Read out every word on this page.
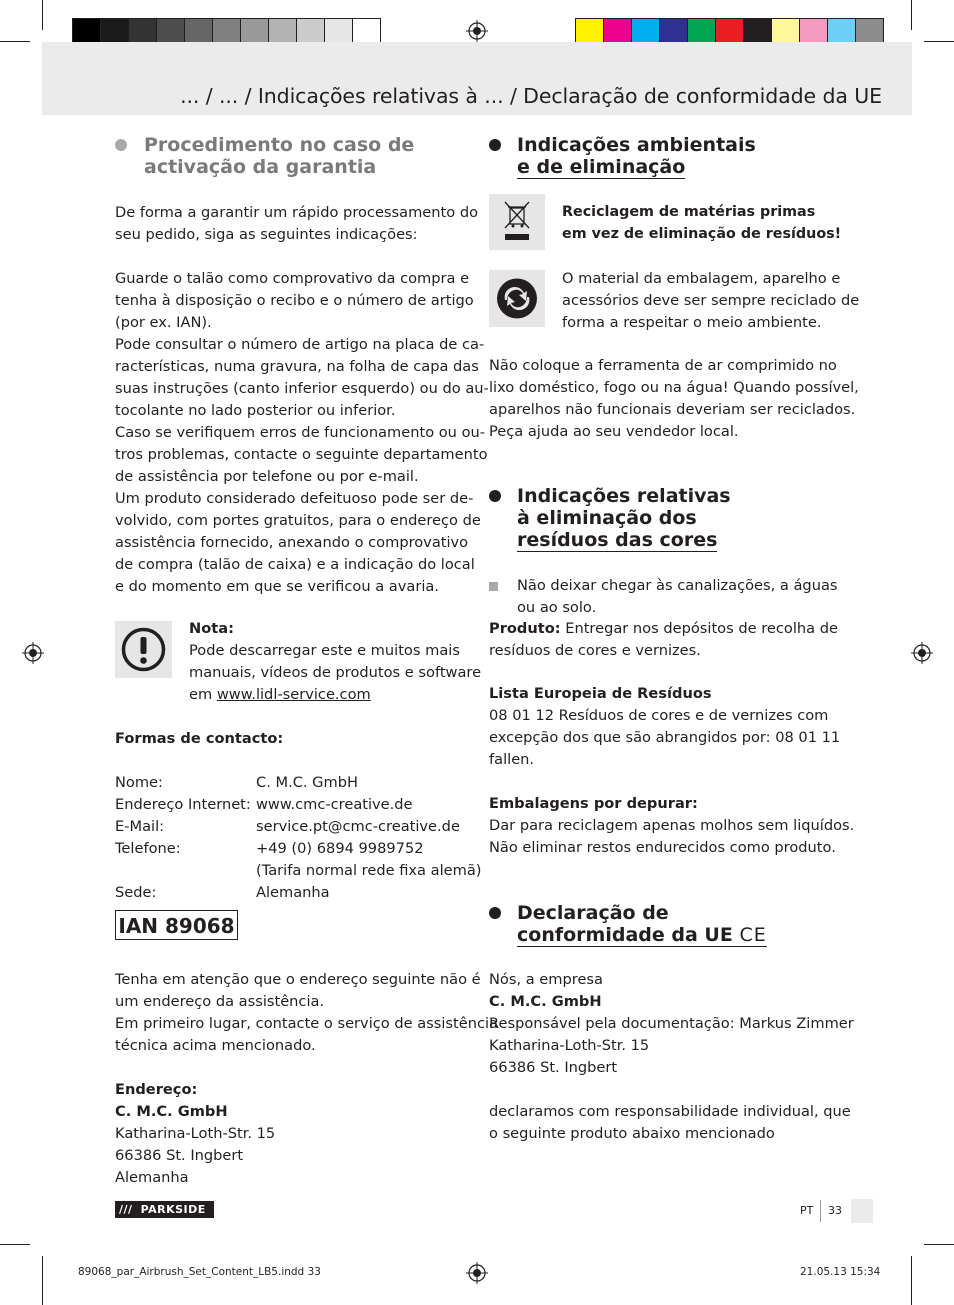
... / ... / Indicações relativas à ... / Declaração de conformidade da UE
Procedimento no caso de
activação da garantia
De forma a garantir um rápido processamento do
seu pedido, siga as seguintes indicações:
Guarde o talão como comprovativo da compra e
tenha à disposição o recibo e o número de artigo
(por ex. IAN).
Pode consultar o número de artigo na placa de ca-
racterísticas, numa gravura, na folha de capa das
suas instruções (canto inferior esquerdo) ou do au-
tocolante no lado posterior ou inferior.
Caso se verifiquem erros de funcionamento ou ou-
tros problemas, contacte o seguinte departamento
de assistência por telefone ou por e-mail.
Um produto considerado defeituoso pode ser de-
volvido, com portes gratuitos, para o endereço de
assistência fornecido, anexando o comprovativo
de compra (talão de caixa) e a indicação do local
e do momento em que se verificou a avaria.
Nota:
Pode descarregar este e muitos mais
manuais, vídeos de produtos e software
em www.lidl-service.com
Formas de contacto:
Nome:	C. M.C. GmbH
Endereço Internet: www.cmc-creative.de
E-Mail:	service.pt@cmc-creative.de
Telefone:	+49 (0) 6894 9989752
(Tarifa normal rede fixa alemã)
Sede:	Alemanha
IAN 89068
Tenha em atenção que o endereço seguinte não é
um endereço da assistência.
Em primeiro lugar, contacte o serviço de assistência
técnica acima mencionado.
Endereço:
C. M.C. GmbH
Katharina-Loth-Str. 15
66386 St. Ingbert
Alemanha
Indicações ambientais
e de eliminação
Reciclagem de matérias primas
em vez de eliminação de resíduos!
O material da embalagem, aparelho e
acessórios deve ser sempre reciclado de
forma a respeitar o meio ambiente.
Não coloque a ferramenta de ar comprimido no
lixo doméstico, fogo ou na água! Quando possível,
aparelhos não funcionais deveriam ser reciclados.
Peça ajuda ao seu vendedor local.
Indicações relativas
à eliminação dos
resíduos das cores
Não deixar chegar às canalizações, a águas
ou ao solo.
Produto: Entregar nos depósitos de recolha de
resíduos de cores e vernizes.
Lista Europeia de Resíduos
08 01 12 Resíduos de cores e de vernizes com
excepção dos que são abrangidos por: 08 01 11
fallen.
Embalagens por depurar:
Dar para reciclagem apenas molhos sem liquídos.
Não eliminar restos endurecidos como produto.
Declaração de
conformidade da UE CE
Nós, a empresa
C. M.C. GmbH
Responsável pela documentação: Markus Zimmer
Katharina-Loth-Str. 15
66386 St. Ingbert
declaramos com responsabilidade individual, que
o seguinte produto abaixo mencionado
/// PARKSIDE	PT 33
89068_par_Airbrush_Set_Content_LB5.indd 33	21.05.13 15:34
